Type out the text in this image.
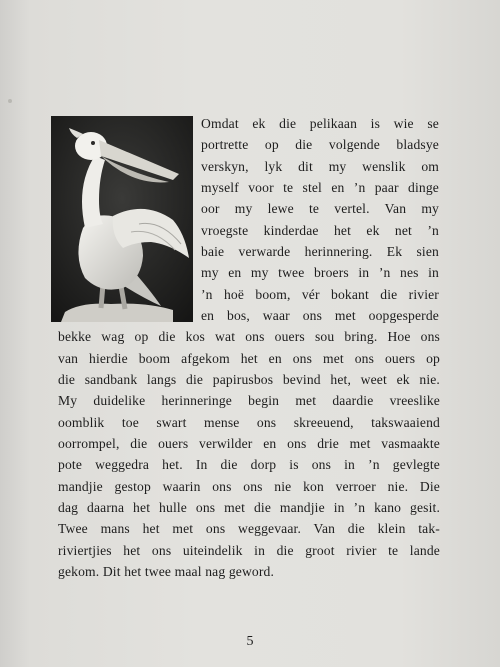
Omdat ek die pelikaan is wie se
portrette op die volgende bladsye
verskyn, lyk dit my wenslik om
myself voor te stel en ’n paar dinge
oor my lewe te vertel. Van my
vroegste kinderdae het ek net ’n
baie verwarde herinnering. Ek sien
my en my twee broers in ’n nes in
’n hoë boom, vér bokant die rivier
en bos, waar ons met oopgesperde
bekke wag op die kos wat ons ouers sou bring. Hoe ons
van hierdie boom afgekom het en ons met ons ouers op
die sandbank langs die papirusbos bevind het, weet ek nie.
My duidelike herinneringe begin met daardie vreeslike
oomblik toe swart mense ons skreeuend, takswaaiend
oorrompel, die ouers verwilder en ons drie met vasmaakte
pote weggedra het. In die dorp is ons in ’n gevlegte
mandjie gestop waarin ons ons nie kon verroer nie. Die
dag daarna het hulle ons met die mandjie in ’n kano gesit.
Twee mans het met ons weggevaar. Van die klein tak-
riviertjies het ons uiteindelik in die groot rivier te lande
gekom. Dit het twee maal nag geword.
5
